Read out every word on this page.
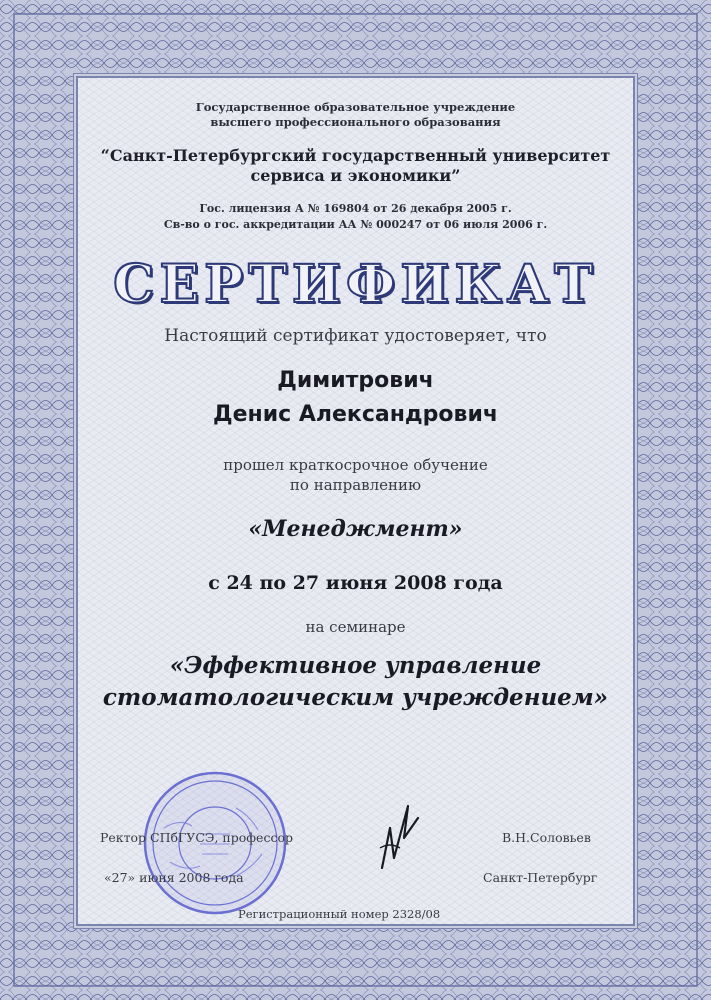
Государственное образовательное учреждение
высшего профессионального образования
“Санкт-Петербургский государственный университет
сервиса и экономики”
Гос. лицензия А № 169804 от 26 декабря 2005 г.
Св-во о гос. аккредитации АА № 000247 от 06 июля 2006 г.
СЕРТИФИКАТ
Настоящий сертификат удостоверяет, что
Димитрович
Денис Александрович
прошел краткосрочное обучение
по направлению
«Менеджмент»
с 24 по 27 июня 2008 года
на семинаре
«Эффективное управление
стоматологическим учреждением»
Ректор СПбГУСЭ, профессор	В.Н.Соловьев
«27» июня 2008 года	Санкт-Петербург
Регистрационный номер 2328/08
